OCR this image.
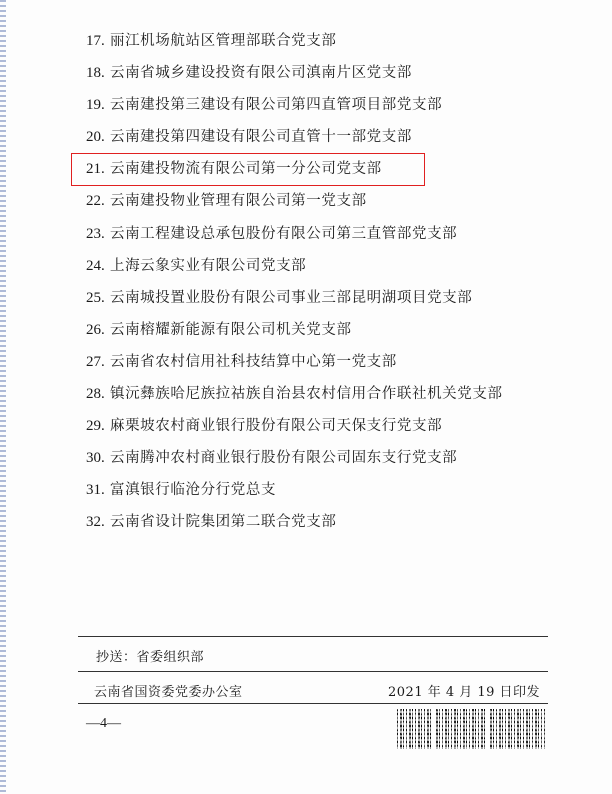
17. 丽江机场航站区管理部联合党支部
18. 云南省城乡建设投资有限公司滇南片区党支部
19. 云南建投第三建设有限公司第四直管项目部党支部
20. 云南建投第四建设有限公司直管十一部党支部
21. 云南建投物流有限公司第一分公司党支部
22. 云南建投物业管理有限公司第一党支部
23. 云南工程建设总承包股份有限公司第三直管部党支部
24. 上海云象实业有限公司党支部
25. 云南城投置业股份有限公司事业三部昆明湖项目党支部
26. 云南榕耀新能源有限公司机关党支部
27. 云南省农村信用社科技结算中心第一党支部
28. 镇沅彝族哈尼族拉祜族自治县农村信用合作联社机关党支部
29. 麻栗坡农村商业银行股份有限公司天保支行党支部
30. 云南腾冲农村商业银行股份有限公司固东支行党支部
31. 富滇银行临沧分行党总支
32. 云南省设计院集团第二联合党支部
抄送：省委组织部
云南省国资委党委办公室	2021 年 4 月 19 日印发
—4—
